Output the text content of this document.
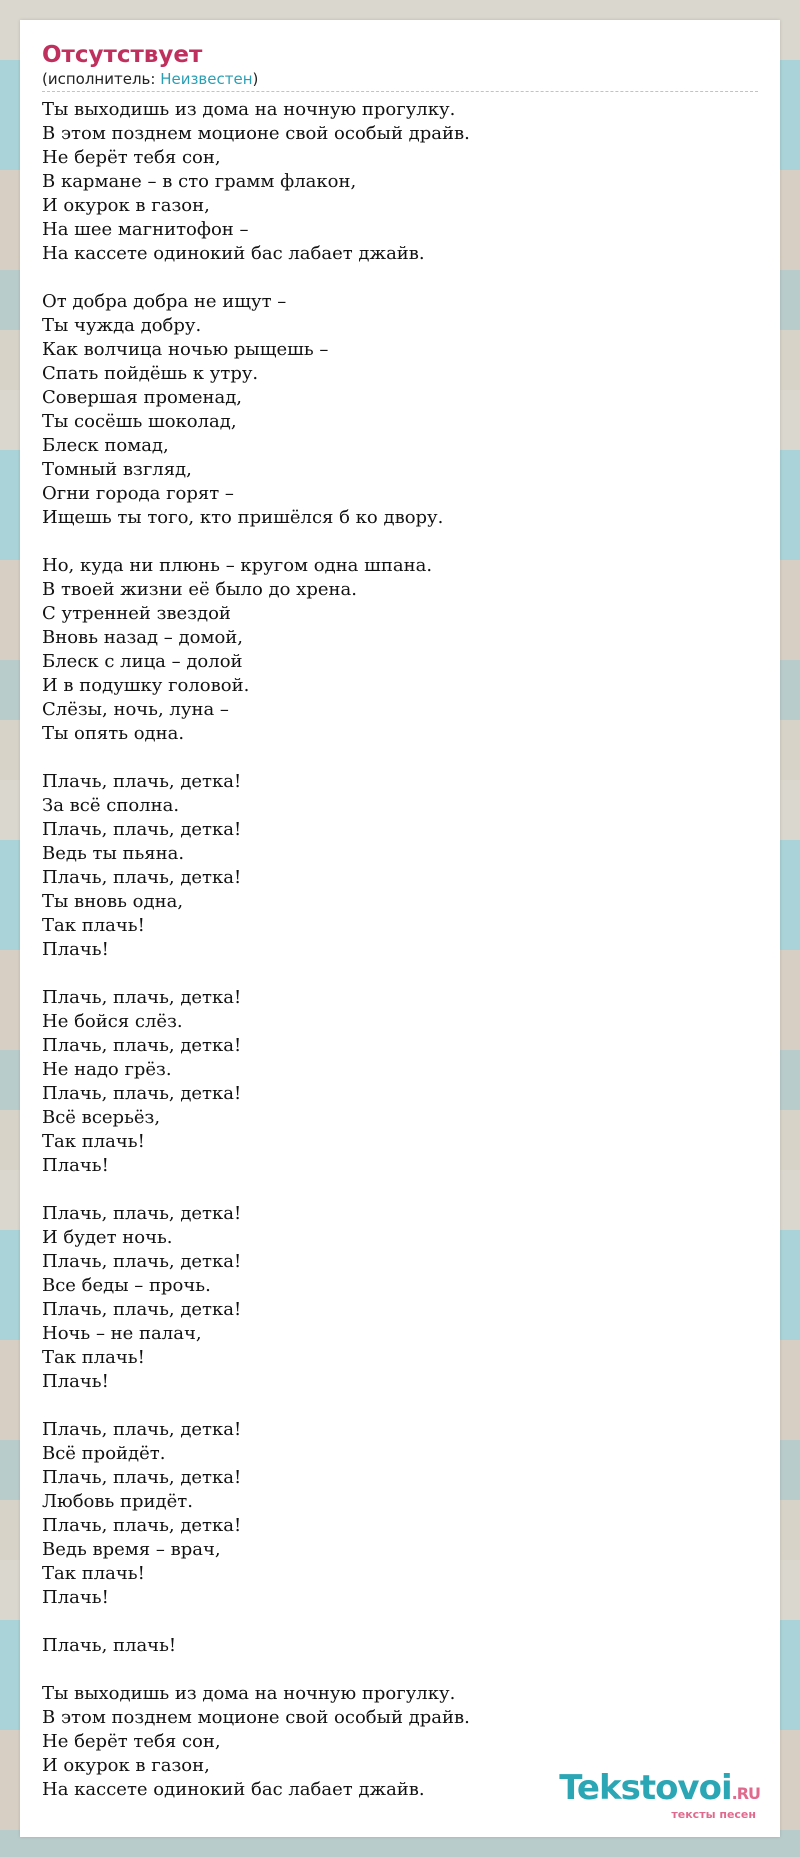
Отсутствует
(исполнитель: Неизвестен)
Ты выходишь из дома на ночную прогулку.
В этом позднем моционе свой особый драйв.
Не берёт тебя сон,
В кармане – в сто грамм флакон,
И окурок в газон,
На шее магнитофон –
На кассете одинокий бас лабает джайв.

От добра добра не ищут –
Ты чужда добру.
Как волчица ночью рыщешь –
Спать пойдёшь к утру.
Совершая променад,
Ты сосёшь шоколад,
Блеск помад,
Томный взгляд,
Огни города горят –
Ищешь ты того, кто пришёлся б ко двору.

Но, куда ни плюнь – кругом одна шпана.
В твоей жизни её было до хрена.
С утренней звездой
Вновь назад – домой,
Блеск с лица – долой
И в подушку головой.
Слёзы, ночь, луна –
Ты опять одна.

Плачь, плачь, детка!
За всё сполна.
Плачь, плачь, детка!
Ведь ты пьяна.
Плачь, плачь, детка!
Ты вновь одна,
Так плачь!
Плачь!

Плачь, плачь, детка!
Не бойся слёз.
Плачь, плачь, детка!
Не надо грёз.
Плачь, плачь, детка!
Всё всерьёз,
Так плачь!
Плачь!

Плачь, плачь, детка!
И будет ночь.
Плачь, плачь, детка!
Все беды – прочь.
Плачь, плачь, детка!
Ночь – не палач,
Так плачь!
Плачь!

Плачь, плачь, детка!
Всё пройдёт.
Плачь, плачь, детка!
Любовь придёт.
Плачь, плачь, детка!
Ведь время – врач,
Так плачь!
Плачь!

Плачь, плачь!

Ты выходишь из дома на ночную прогулку.
В этом позднем моционе свой особый драйв.
Не берёт тебя сон,
И окурок в газон,
На кассете одинокий бас лабает джайв.	Tekstovoi.RU
тексты песен
